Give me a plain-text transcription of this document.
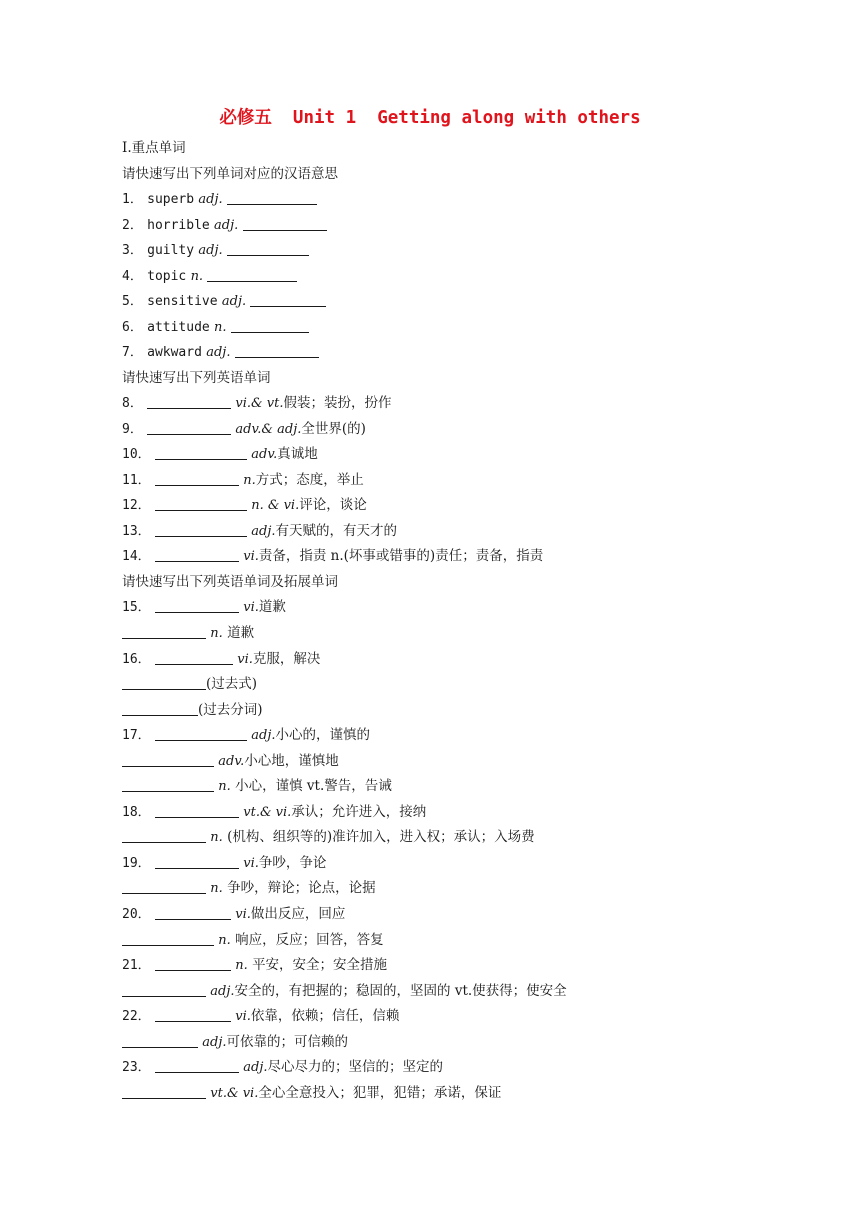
必修五  Unit 1  Getting along with others
Ⅰ.重点单词
请快速写出下列单词对应的汉语意思
1． superb adj.
2． horrible adj.
3． guilty adj.
4． topic n.
5． sensitive adj.
6． attitude n.
7． awkward adj.
请快速写出下列英语单词
8．	vi.& vt.假装；装扮，扮作
9．	adv.& adj.全世界(的)
10．	adv.真诚地
11．	n.方式；态度，举止
12．	n. & vi.评论，谈论
13．	adj.有天赋的，有天才的
14．	vi.责备，指责 n.(坏事或错事的)责任；责备，指责
请快速写出下列英语单词及拓展单词
15．	vi.道歉
n. 道歉
16．	vi.克服，解决
(过去式)
(过去分词)
17．	adj.小心的，谨慎的
adv.小心地，谨慎地
n. 小心，谨慎 vt.警告，告诫
18．	vt.& vi.承认；允许进入，接纳
n. (机构、组织等的)准许加入，进入权；承认；入场费
19．	vi.争吵，争论
n. 争吵，辩论；论点，论据
20．	vi.做出反应，回应
n. 响应，反应；回答，答复
21．	n. 平安，安全；安全措施
adj.安全的，有把握的；稳固的，坚固的 vt.使获得；使安全
22．	vi.依靠，依赖；信任，信赖
adj.可依靠的；可信赖的
23．	adj.尽心尽力的；坚信的；坚定的
vt.& vi.全心全意投入；犯罪，犯错；承诺，保证
